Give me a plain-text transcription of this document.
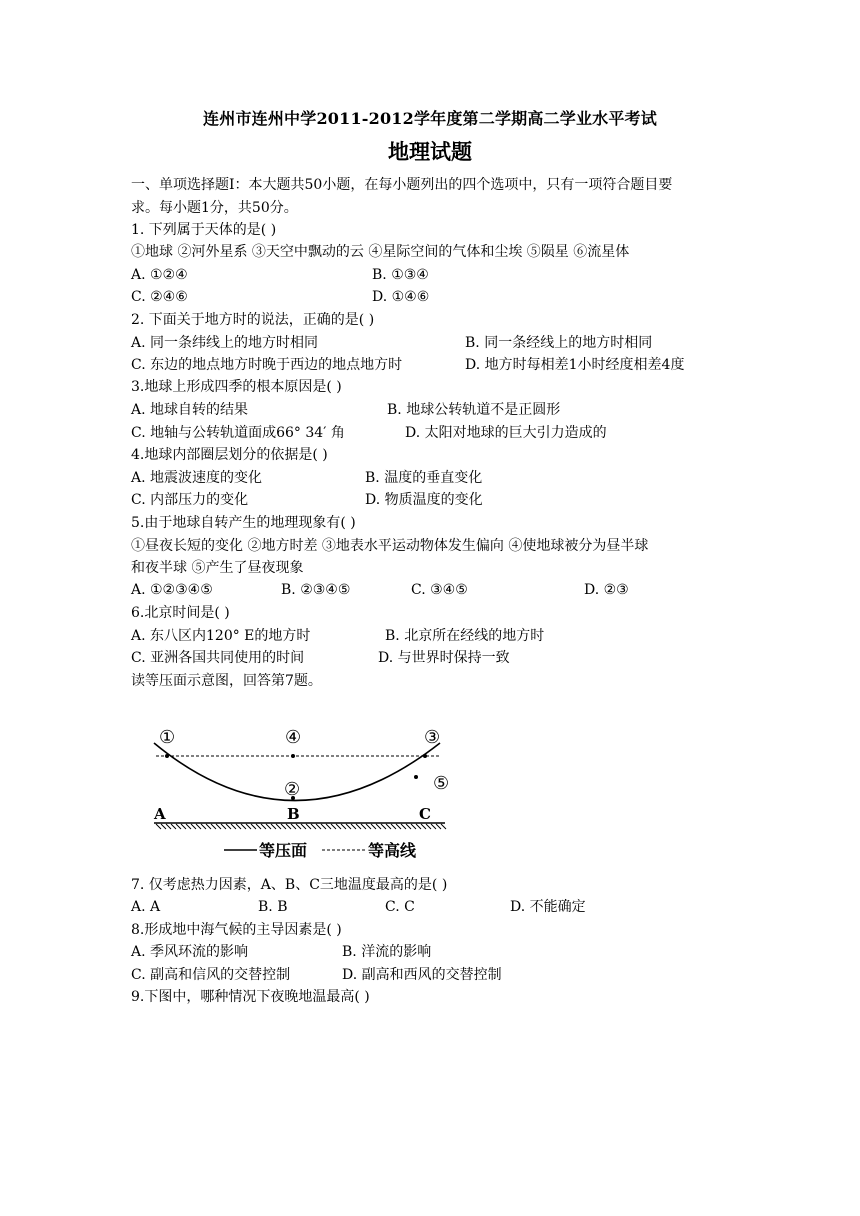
连州市连州中学2011-2012学年度第二学期高二学业水平考试
地理试题
一、单项选择题I：本大题共50小题，在每小题列出的四个选项中，只有一项符合题目要
求。每小题1分，共50分。
1. 下列属于天体的是( )
①地球 ②河外星系 ③天空中飘动的云 ④星际空间的气体和尘埃 ⑤陨星 ⑥流星体
A. ①②④	B. ①③④
C. ②④⑥	D. ①④⑥
2. 下面关于地方时的说法，正确的是( )
A. 同一条纬线上的地方时相同	B. 同一条经线上的地方时相同
C. 东边的地点地方时晚于西边的地点地方时	D. 地方时每相差1小时经度相差4度
3.地球上形成四季的根本原因是( )
A. 地球自转的结果	B. 地球公转轨道不是正圆形
C. 地轴与公转轨道面成66° 34′ 角	D. 太阳对地球的巨大引力造成的
4.地球内部圈层划分的依据是( )
A. 地震波速度的变化	B. 温度的垂直变化
C. 内部压力的变化	D. 物质温度的变化
5.由于地球自转产生的地理现象有( )
①昼夜长短的变化 ②地方时差 ③地表水平运动物体发生偏向 ④使地球被分为昼半球
和夜半球 ⑤产生了昼夜现象
A. ①②③④⑤	B. ②③④⑤	C. ③④⑤	D. ②③
6.北京时间是( )
A. 东八区内120° E的地方时	B. 北京所在经线的地方时
C. 亚洲各国共同使用的时间	D. 与世界时保持一致
读等压面示意图，回答第7题。
①	④	③
②	⑤
A	B	C
等压面	等高线
7. 仅考虑热力因素，A、B、C三地温度最高的是( )
A. A	B. B	C. C	D. 不能确定
8.形成地中海气候的主导因素是( )
A. 季风环流的影响	B. 洋流的影响
C. 副高和信风的交替控制	D. 副高和西风的交替控制
9.下图中，哪种情况下夜晚地温最高( )
